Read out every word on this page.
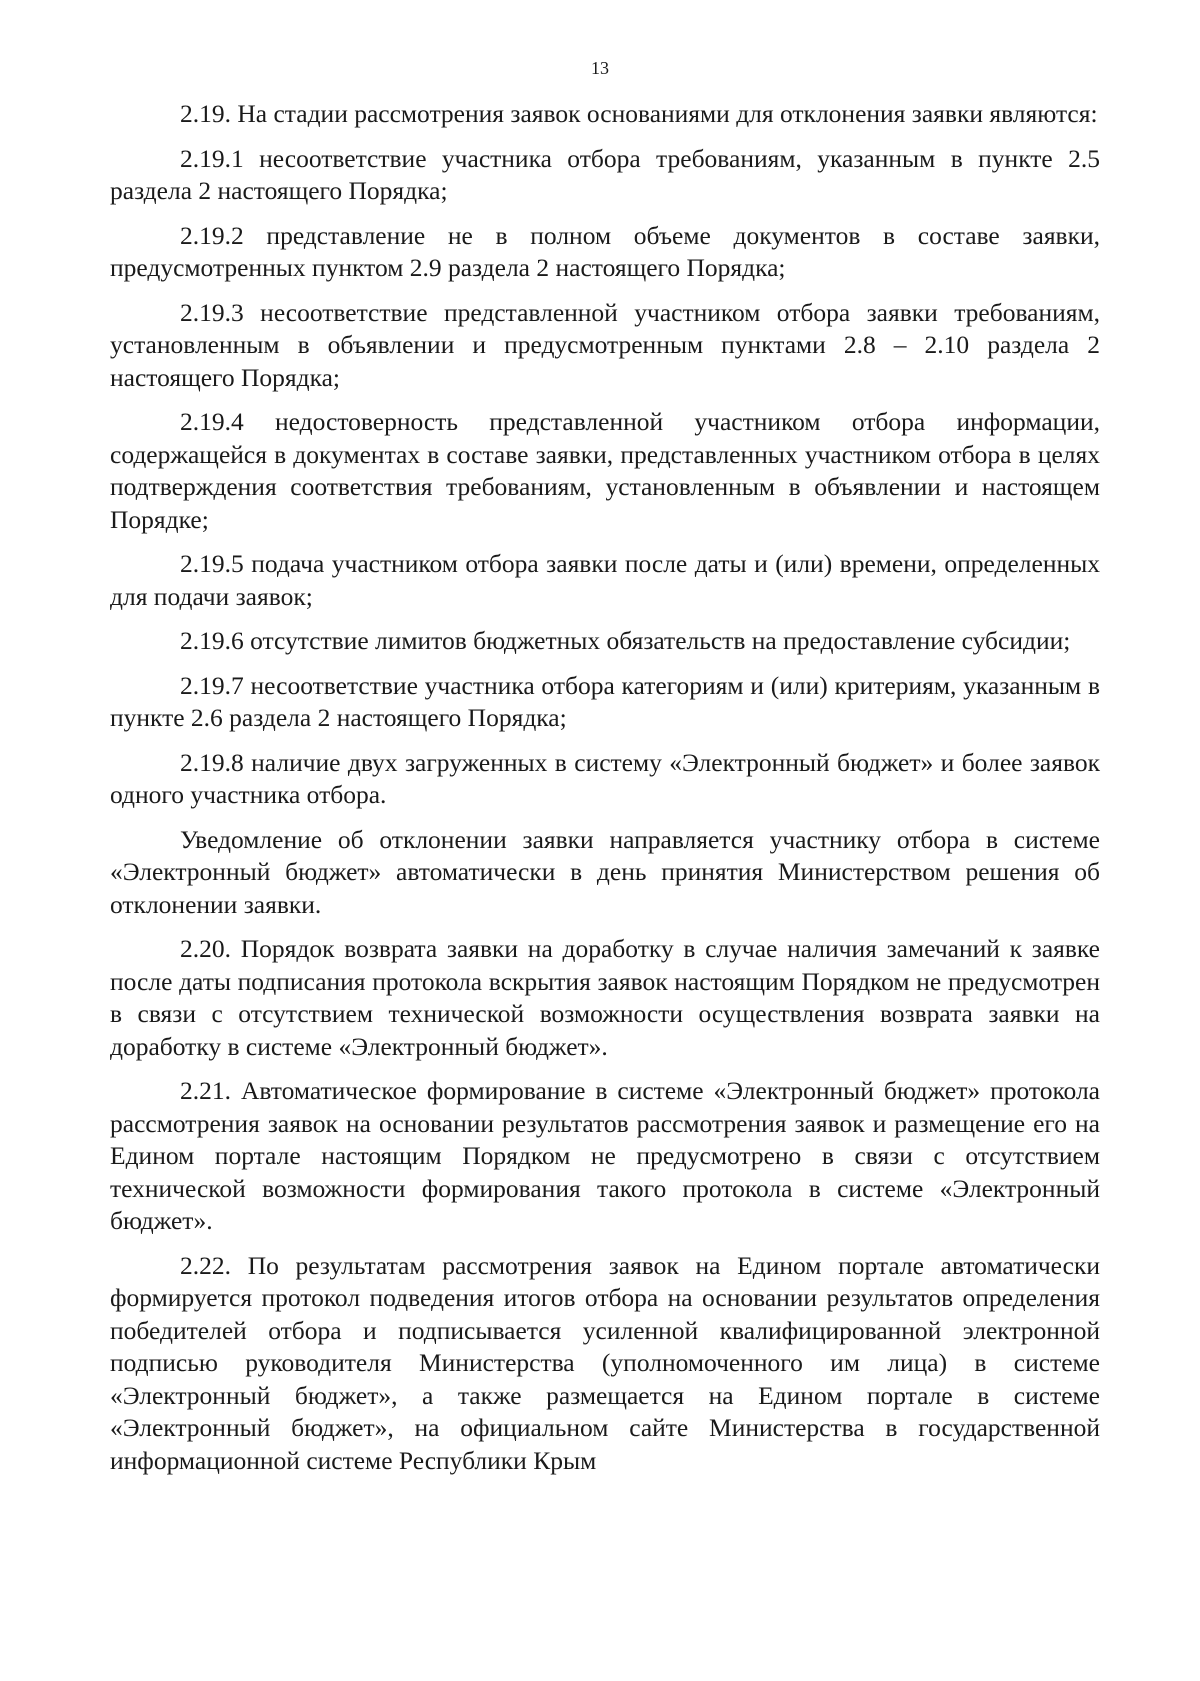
13

2.19. На стадии рассмотрения заявок основаниями для отклонения заявки являются:

2.19.1 несоответствие участника отбора требованиям, указанным в пункте 2.5 раздела 2 настоящего Порядка;

2.19.2 представление не в полном объеме документов в составе заявки, предусмотренных пунктом 2.9 раздела 2 настоящего Порядка;

2.19.3 несоответствие представленной участником отбора заявки требованиям, установленным в объявлении и предусмотренным пунктами 2.8 – 2.10 раздела 2 настоящего Порядка;

2.19.4 недостоверность представленной участником отбора информации, содержащейся в документах в составе заявки, представленных участником отбора в целях подтверждения соответствия требованиям, установленным в объявлении и настоящем Порядке;

2.19.5 подача участником отбора заявки после даты и (или) времени, определенных для подачи заявок;

2.19.6 отсутствие лимитов бюджетных обязательств на предоставление субсидии;

2.19.7 несоответствие участника отбора категориям и (или) критериям, указанным в пункте 2.6 раздела 2 настоящего Порядка;

2.19.8 наличие двух загруженных в систему «Электронный бюджет» и более заявок одного участника отбора.

Уведомление об отклонении заявки направляется участнику отбора в системе «Электронный бюджет» автоматически в день принятия Министерством решения об отклонении заявки.

2.20. Порядок возврата заявки на доработку в случае наличия замечаний к заявке после даты подписания протокола вскрытия заявок настоящим Порядком не предусмотрен в связи с отсутствием технической возможности осуществления возврата заявки на доработку в системе «Электронный бюджет».

2.21. Автоматическое формирование в системе «Электронный бюджет» протокола рассмотрения заявок на основании результатов рассмотрения заявок и размещение его на Едином портале настоящим Порядком не предусмотрено в связи с отсутствием технической возможности формирования такого протокола в системе «Электронный бюджет».

2.22. По результатам рассмотрения заявок на Едином портале автоматически формируется протокол подведения итогов отбора на основании результатов определения победителей отбора и подписывается усиленной квалифицированной электронной подписью руководителя Министерства (уполномоченного им лица) в системе «Электронный бюджет», а также размещается на Едином портале в системе «Электронный бюджет», на официальном сайте Министерства в государственной информационной системе Республики Крым
